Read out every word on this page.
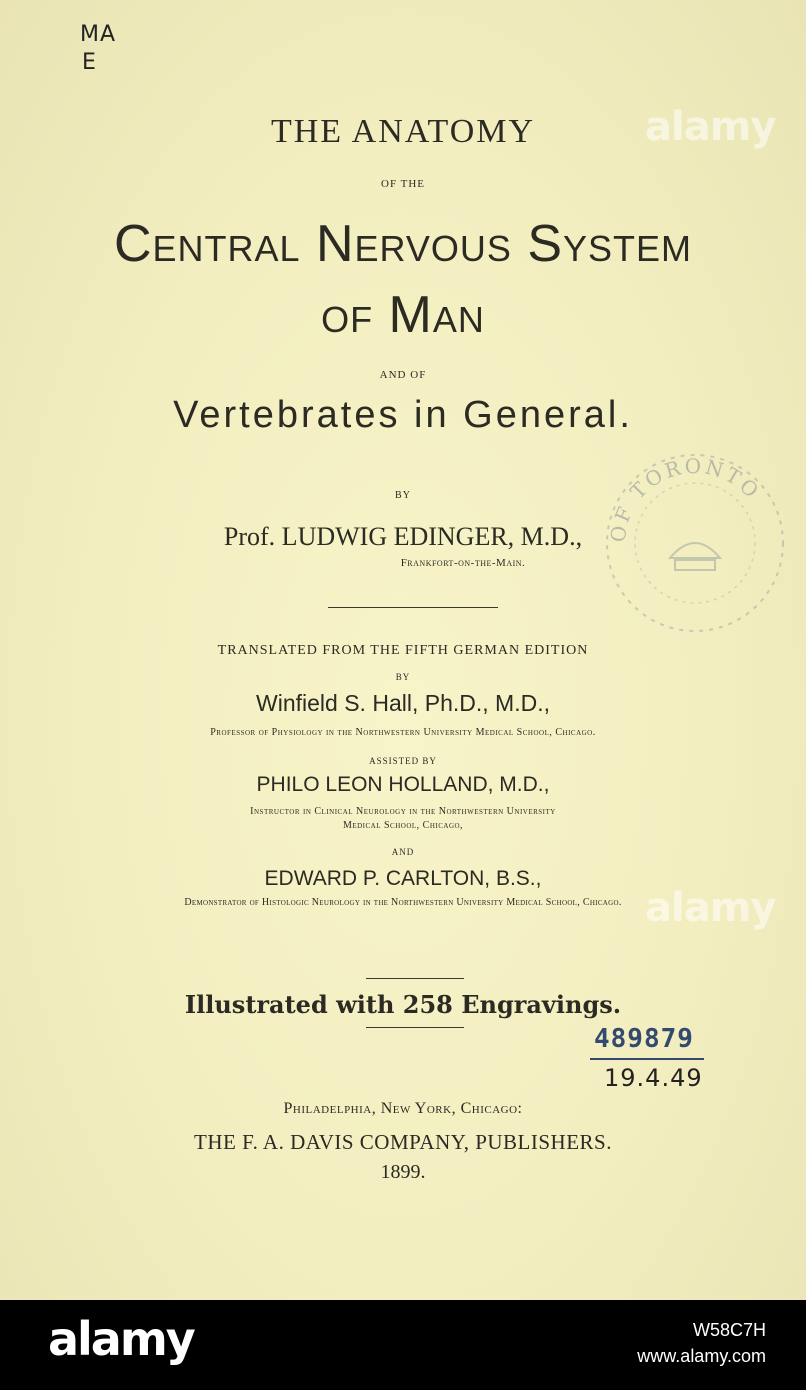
MA
E
alamy
THE ANATOMY
OF THE
Central Nervous System
of Man
AND OF
Vertebrates in General.
BY
Prof. LUDWIG EDINGER, M.D.,
Frankfort-on-the-Main.
OF TORONTO
TRANSLATED FROM THE FIFTH GERMAN EDITION
BY
Winfield S. Hall, Ph.D., M.D.,
Professor of Physiology in the Northwestern University Medical School, Chicago.
ASSISTED BY
PHILO LEON HOLLAND, M.D.,
Instructor in Clinical Neurology in the Northwestern University
Medical School, Chicago,
AND
EDWARD P. CARLTON, B.S.,
Demonstrator of Histologic Neurology in the Northwestern University Medical School, Chicago. alamy
Illustrated with 258 Engravings.
489879
19.4.49
Philadelphia, New York, Chicago:
THE F. A. DAVIS COMPANY, PUBLISHERS.
1899.
alamy	W58C7H
www.alamy.com
